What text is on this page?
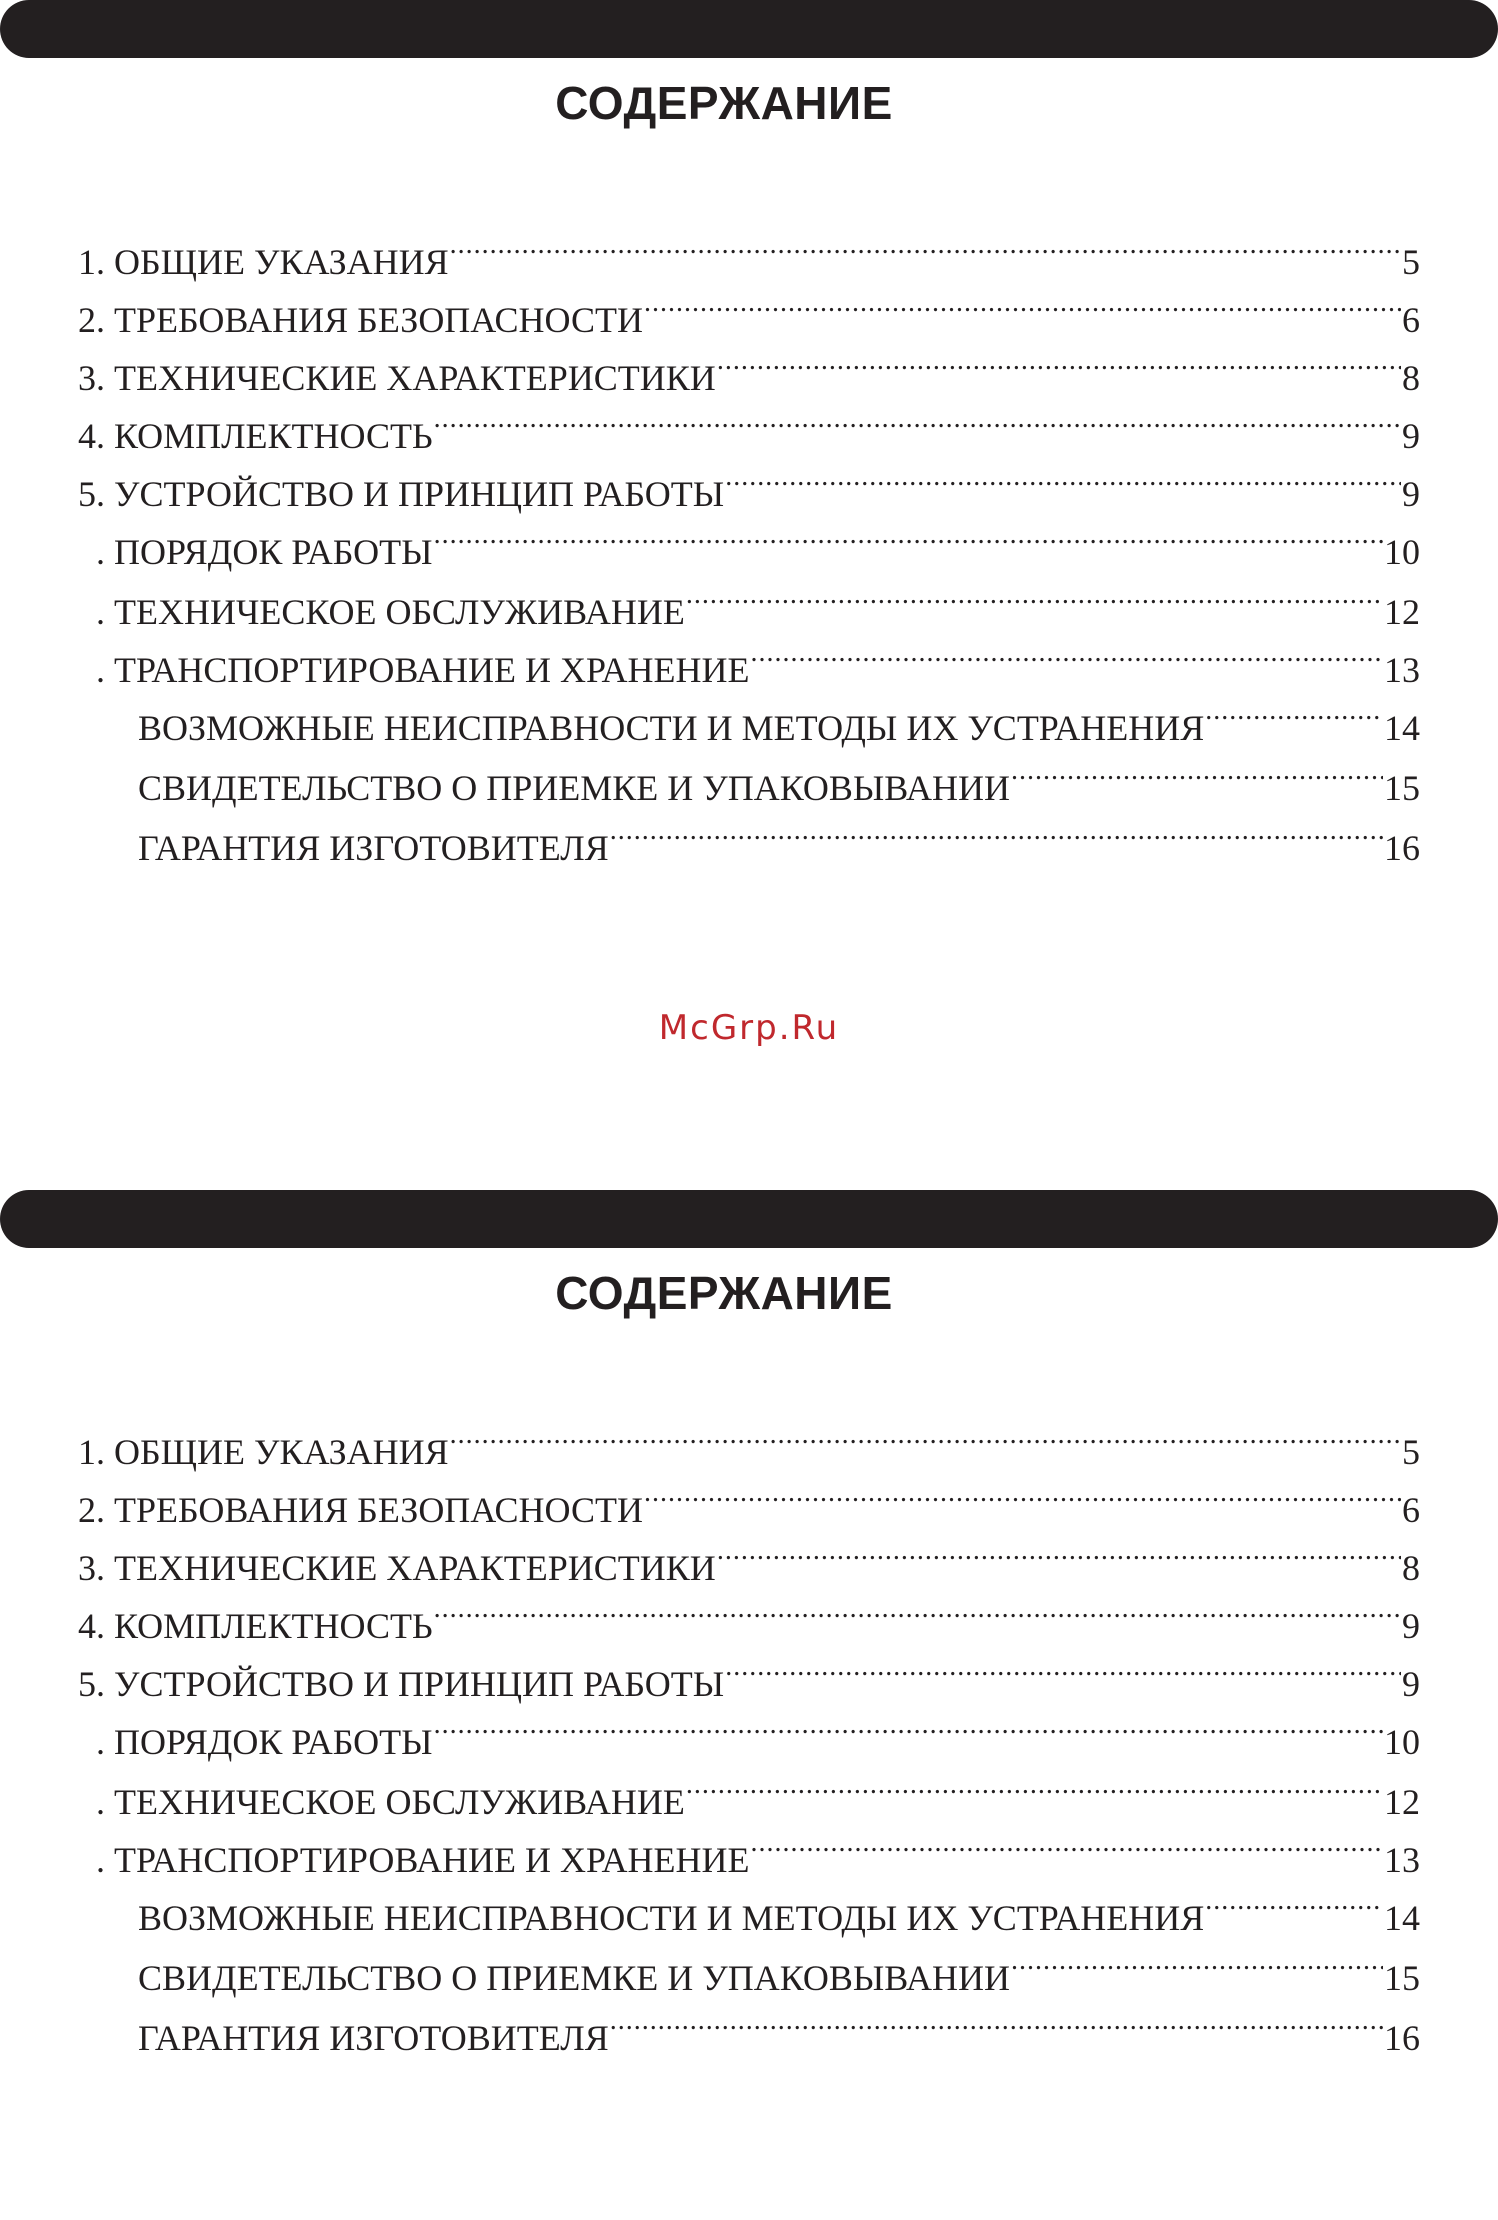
СОДЕРЖАНИЕ
1. ОБЩИЕ УКАЗАНИЯ .....	5
2. ТРЕБОВАНИЯ БЕЗОПАСНОСТИ .....	6
3. ТЕХНИЧЕСКИЕ ХАРАКТЕРИСТИКИ .....	8
4. КОМПЛЕКТНОСТЬ .....	9
5. УСТРОЙСТВО И ПРИНЦИП РАБОТЫ .....	9
. ПОРЯДОК РАБОТЫ .....	10
. ТЕХНИЧЕСКОЕ ОБСЛУЖИВАНИЕ .....	12
. ТРАНСПОРТИРОВАНИЕ И ХРАНЕНИЕ .....	13
ВОЗМОЖНЫЕ НЕИСПРАВНОСТИ И МЕТОДЫ ИХ УСТРАНЕНИЯ .....	14
СВИДЕТЕЛЬСТВО О ПРИЕМКЕ И УПАКОВЫВАНИИ .....	15
ГАРАНТИЯ ИЗГОТОВИТЕЛЯ .....	16
McGrp.Ru
СОДЕРЖАНИЕ
1. ОБЩИЕ УКАЗАНИЯ .....	5
2. ТРЕБОВАНИЯ БЕЗОПАСНОСТИ .....	6
3. ТЕХНИЧЕСКИЕ ХАРАКТЕРИСТИКИ .....	8
4. КОМПЛЕКТНОСТЬ .....	9
5. УСТРОЙСТВО И ПРИНЦИП РАБОТЫ .....	9
. ПОРЯДОК РАБОТЫ .....	10
. ТЕХНИЧЕСКОЕ ОБСЛУЖИВАНИЕ .....	12
. ТРАНСПОРТИРОВАНИЕ И ХРАНЕНИЕ .....	13
ВОЗМОЖНЫЕ НЕИСПРАВНОСТИ И МЕТОДЫ ИХ УСТРАНЕНИЯ .....	14
СВИДЕТЕЛЬСТВО О ПРИЕМКЕ И УПАКОВЫВАНИИ .....	15
ГАРАНТИЯ ИЗГОТОВИТЕЛЯ .....	16
